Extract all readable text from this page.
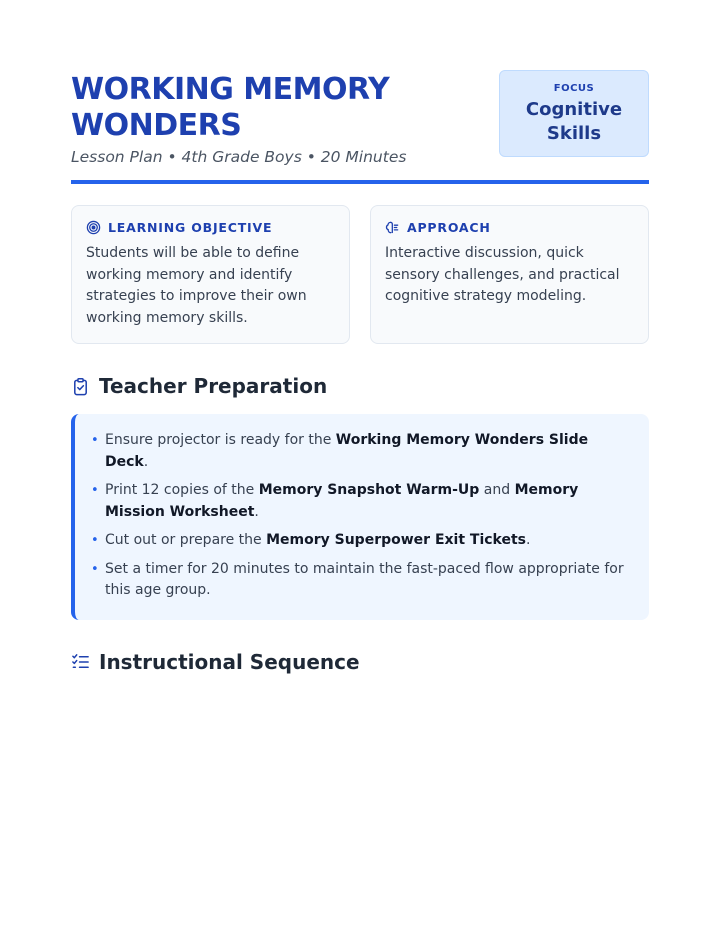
WORKING MEMORY
WONDERS
Lesson Plan • 4th Grade Boys • 20 Minutes
FOCUS
Cognitive
Skills
LEARNING OBJECTIVE
Students will be able to define working memory and identify strategies to improve their own working memory skills.
APPROACH
Interactive discussion, quick sensory challenges, and practical cognitive strategy modeling.
Teacher Preparation
• Ensure projector is ready for the Working Memory Wonders Slide Deck.
• Print 12 copies of the Memory Snapshot Warm-Up and Memory Mission Worksheet.
• Cut out or prepare the Memory Superpower Exit Tickets.
• Set a timer for 20 minutes to maintain the fast-paced flow appropriate for this age group.
Instructional Sequence
